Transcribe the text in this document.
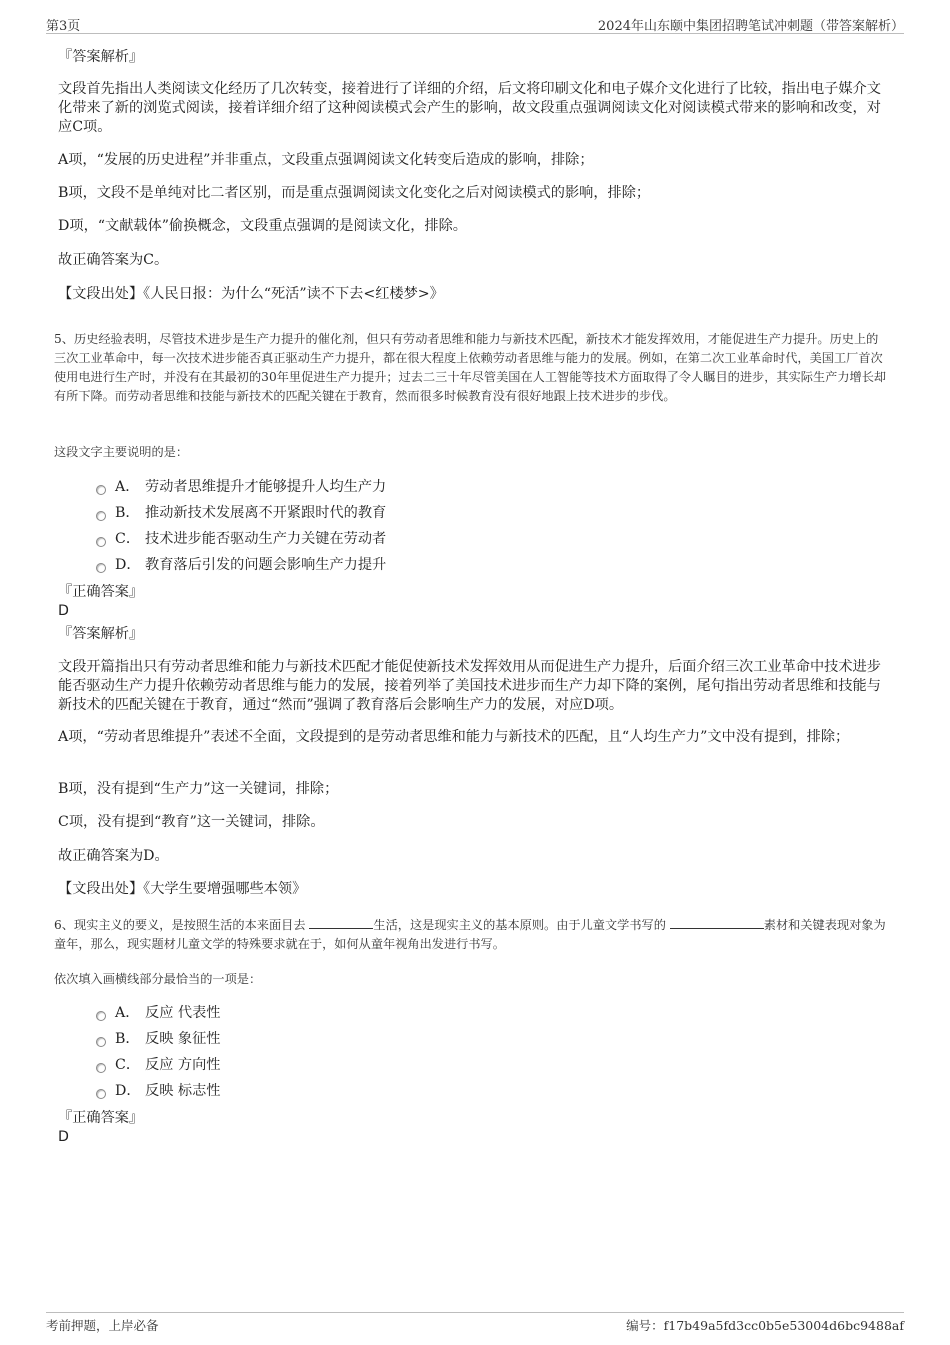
第3页	2024年山东颐中集团招聘笔试冲刺题（带答案解析）
『答案解析』
文段首先指出人类阅读文化经历了几次转变，接着进行了详细的介绍，后文将印刷文化和电子媒介文化进行了比较，指出电子媒介文化带来了新的浏览式阅读，接着详细介绍了这种阅读模式会产生的影响，故文段重点强调阅读文化对阅读模式带来的影响和改变，对应C项。
A项，“发展的历史进程”并非重点，文段重点强调阅读文化转变后造成的影响，排除；
B项，文段不是单纯对比二者区别，而是重点强调阅读文化变化之后对阅读模式的影响，排除；
D项，“文献载体”偷换概念，文段重点强调的是阅读文化，排除。
故正确答案为C。
【文段出处】《人民日报：为什么“死活”读不下去<红楼梦>》
5、历史经验表明，尽管技术进步是生产力提升的催化剂，但只有劳动者思维和能力与新技术匹配，新技术才能发挥效用，才能促进生产力提升。历史上的三次工业革命中，每一次技术进步能否真正驱动生产力提升，都在很大程度上依赖劳动者思维与能力的发展。例如，在第二次工业革命时代，美国工厂首次使用电进行生产时，并没有在其最初的30年里促进生产力提升；过去二三十年尽管美国在人工智能等技术方面取得了令人瞩目的进步，其实际生产力增长却有所下降。而劳动者思维和技能与新技术的匹配关键在于教育，然而很多时候教育没有很好地跟上技术进步的步伐。
这段文字主要说明的是：
A． 劳动者思维提升才能够提升人均生产力
B． 推动新技术发展离不开紧跟时代的教育
C． 技术进步能否驱动生产力关键在劳动者
D． 教育落后引发的问题会影响生产力提升
『正确答案』
D
『答案解析』
文段开篇指出只有劳动者思维和能力与新技术匹配才能促使新技术发挥效用从而促进生产力提升，后面介绍三次工业革命中技术进步能否驱动生产力提升依赖劳动者思维与能力的发展，接着列举了美国技术进步而生产力却下降的案例，尾句指出劳动者思维和技能与新技术的匹配关键在于教育，通过“然而”强调了教育落后会影响生产力的发展，对应D项。
A项，“劳动者思维提升”表述不全面，文段提到的是劳动者思维和能力与新技术的匹配，且“人均生产力”文中没有提到，排除；
B项，没有提到“生产力”这一关键词，排除；
C项，没有提到“教育”这一关键词，排除。
故正确答案为D。
【文段出处】《大学生要增强哪些本领》
6、现实主义的要义，是按照生活的本来面目去	生活，这是现实主义的基本原则。由于儿童文学书写的	素材和关键表现对象为童年，那么，现实题材儿童文学的特殊要求就在于，如何从童年视角出发进行书写。
依次填入画横线部分最恰当的一项是：
A． 反应 代表性
B． 反映 象征性
C． 反应 方向性
D． 反映 标志性
『正确答案』
D
考前押题，上岸必备	编号：f17b49a5fd3cc0b5e53004d6bc9488af
